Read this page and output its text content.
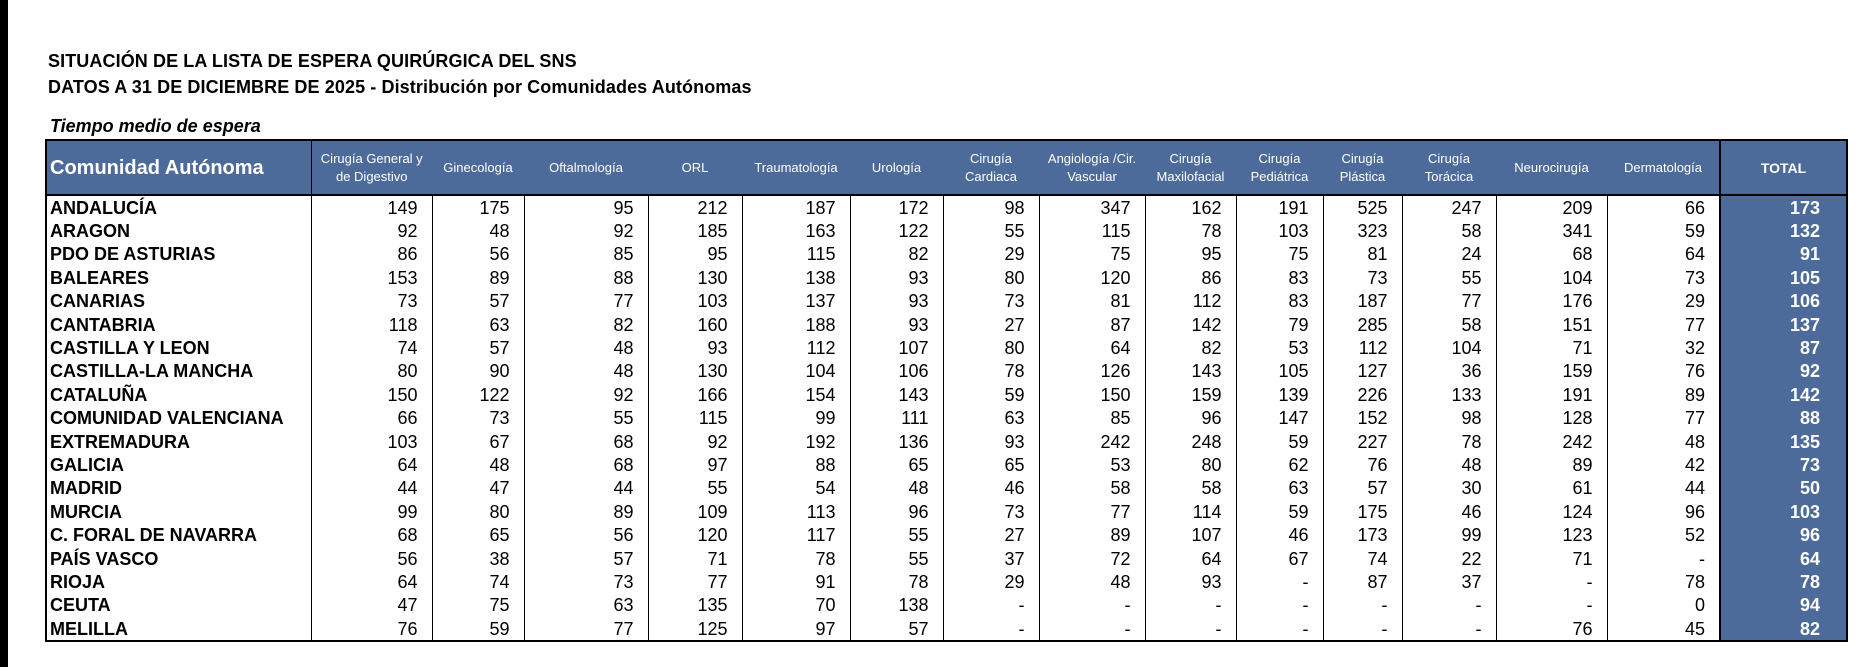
SITUACIÓN DE LA LISTA DE ESPERA QUIRÚRGICA DEL SNS
DATOS A 31 DE DICIEMBRE DE 2025 - Distribución por Comunidades Autónomas
Tiempo medio de espera
Comunidad Autónoma	Cirugía General y de Digestivo	Ginecología	Oftalmología	ORL	Traumatología	Urología	Cirugía Cardiaca	Angiología /Cir. Vascular	Cirugía Maxilofacial	Cirugía Pediátrica	Cirugía Plástica	Cirugía Torácica	Neurocirugía	Dermatología	TOTAL
ANDALUCÍA	149	175	95	212	187	172	98	347	162	191	525	247	209	66	173
ARAGON	92	48	92	185	163	122	55	115	78	103	323	58	341	59	132
PDO DE ASTURIAS	86	56	85	95	115	82	29	75	95	75	81	24	68	64	91
BALEARES	153	89	88	130	138	93	80	120	86	83	73	55	104	73	105
CANARIAS	73	57	77	103	137	93	73	81	112	83	187	77	176	29	106
CANTABRIA	118	63	82	160	188	93	27	87	142	79	285	58	151	77	137
CASTILLA Y LEON	74	57	48	93	112	107	80	64	82	53	112	104	71	32	87
CASTILLA-LA MANCHA	80	90	48	130	104	106	78	126	143	105	127	36	159	76	92
CATALUÑA	150	122	92	166	154	143	59	150	159	139	226	133	191	89	142
COMUNIDAD VALENCIANA	66	73	55	115	99	111	63	85	96	147	152	98	128	77	88
EXTREMADURA	103	67	68	92	192	136	93	242	248	59	227	78	242	48	135
GALICIA	64	48	68	97	88	65	65	53	80	62	76	48	89	42	73
MADRID	44	47	44	55	54	48	46	58	58	63	57	30	61	44	50
MURCIA	99	80	89	109	113	96	73	77	114	59	175	46	124	96	103
C. FORAL DE NAVARRA	68	65	56	120	117	55	27	89	107	46	173	99	123	52	96
PAÍS VASCO	56	38	57	71	78	55	37	72	64	67	74	22	71	-	64
RIOJA	64	74	73	77	91	78	29	48	93	-	87	37	-	78	78
CEUTA	47	75	63	135	70	138	-	-	-	-	-	-	-	0	94
MELILLA	76	59	77	125	97	57	-	-	-	-	-	-	76	45	82
